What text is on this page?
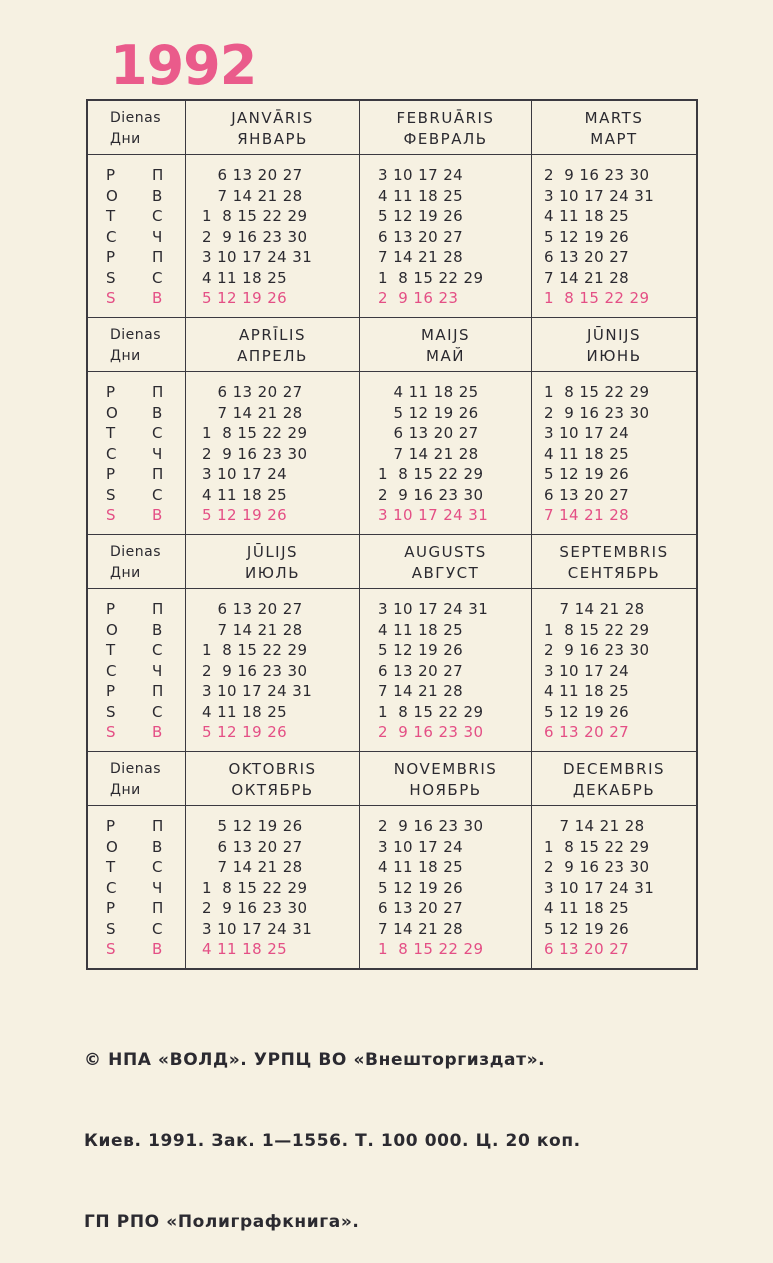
1992
Dienas
Дни
P
O
T
C
P
S
S
П
В
С
Ч
П
С
В
JANVĀRIS
ЯНВАРЬ
6 13 20 27
7 14 21 28
1  8 15 22 29
2  9 16 23 30
3 10 17 24 31
4 11 18 25
5 12 19 26
FEBRUĀRIS
ФЕВРАЛЬ
3 10 17 24
4 11 18 25
5 12 19 26
6 13 20 27
7 14 21 28
1  8 15 22 29
2  9 16 23
MARTS
МАРТ
2  9 16 23 30
3 10 17 24 31
4 11 18 25
5 12 19 26
6 13 20 27
7 14 21 28
1  8 15 22 29
Dienas
Дни
P
O
T
C
P
S
S
П
В
С
Ч
П
С
В
APRĪLIS
АПРЕЛЬ
6 13 20 27
7 14 21 28
1  8 15 22 29
2  9 16 23 30
3 10 17 24
4 11 18 25
5 12 19 26
MAIJS
МАЙ
4 11 18 25
5 12 19 26
6 13 20 27
7 14 21 28
1  8 15 22 29
2  9 16 23 30
3 10 17 24 31
JŪNIJS
ИЮНЬ
1  8 15 22 29
2  9 16 23 30
3 10 17 24
4 11 18 25
5 12 19 26
6 13 20 27
7 14 21 28
Dienas
Дни
P
O
T
C
P
S
S
П
В
С
Ч
П
С
В
JŪLIJS
ИЮЛЬ
6 13 20 27
7 14 21 28
1  8 15 22 29
2  9 16 23 30
3 10 17 24 31
4 11 18 25
5 12 19 26
AUGUSTS
АВГУСТ
3 10 17 24 31
4 11 18 25
5 12 19 26
6 13 20 27
7 14 21 28
1  8 15 22 29
2  9 16 23 30
SEPTEMBRIS
СЕНТЯБРЬ
7 14 21 28
1  8 15 22 29
2  9 16 23 30
3 10 17 24
4 11 18 25
5 12 19 26
6 13 20 27
Dienas
Дни
P
O
T
C
P
S
S
П
В
С
Ч
П
С
В
OKTOBRIS
ОКТЯБРЬ
5 12 19 26
6 13 20 27
7 14 21 28
1  8 15 22 29
2  9 16 23 30
3 10 17 24 31
4 11 18 25
NOVEMBRIS
НОЯБРЬ
2  9 16 23 30
3 10 17 24
4 11 18 25
5 12 19 26
6 13 20 27
7 14 21 28
1  8 15 22 29
DECEMBRIS
ДЕКАБРЬ
7 14 21 28
1  8 15 22 29
2  9 16 23 30
3 10 17 24 31
4 11 18 25
5 12 19 26
6 13 20 27

© НПА «ВОЛД». УРПЦ ВО «Внешторгиздат».

Киев. 1991. Зак. 1—1556. Т. 100 000. Ц. 20 коп.

ГП РПО «Полиграфкнига».
